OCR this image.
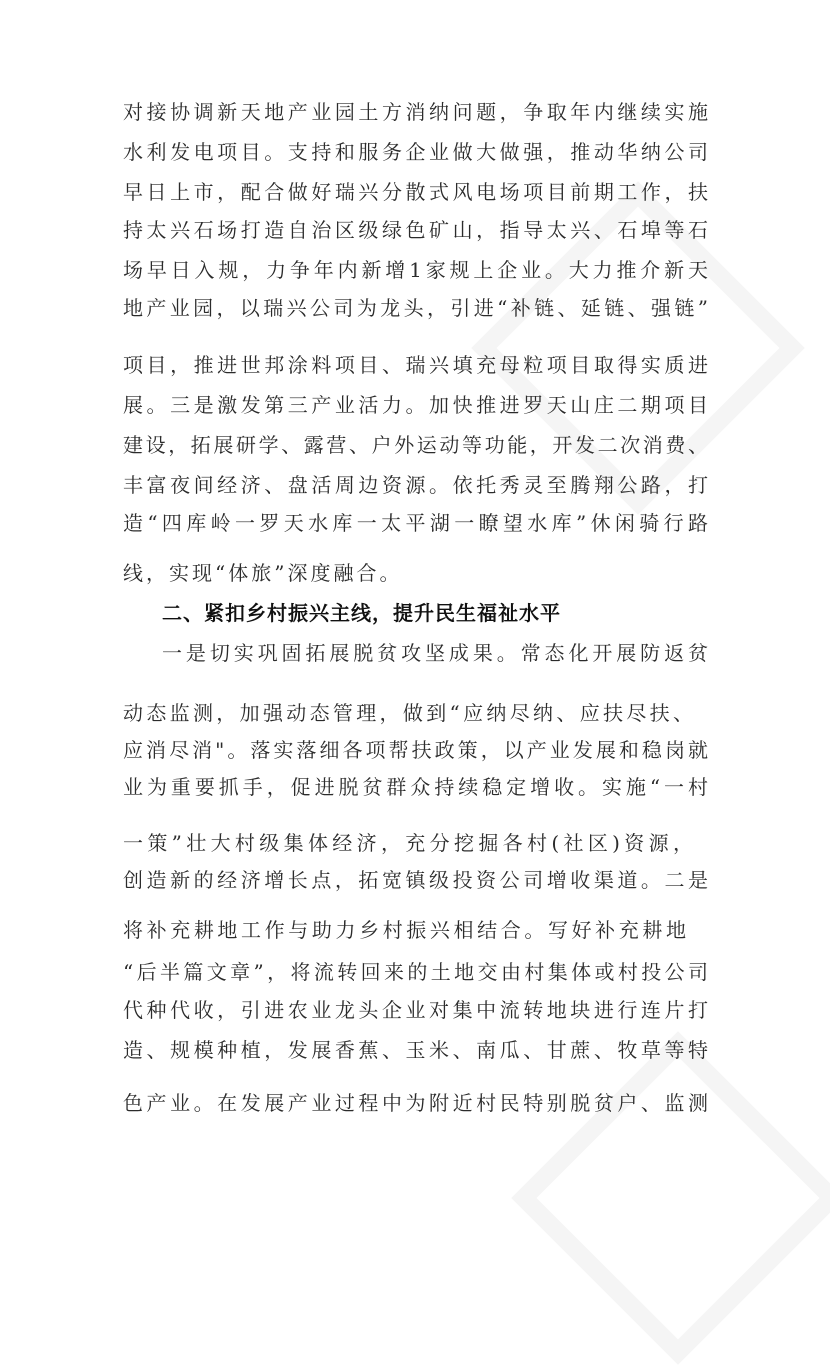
对接协调新天地产业园土方消纳问题，争取年内继续实施
水利发电项目。支持和服务企业做大做强，推动华纳公司
早日上市，配合做好瑞兴分散式风电场项目前期工作，扶
持太兴石场打造自治区级绿色矿山，指导太兴、石埠等石
场早日入规，力争年内新增1家规上企业。大力推介新天
地产业园，以瑞兴公司为龙头，引进“补链、延链、强链”
项目，推进世邦涂料项目、瑞兴填充母粒项目取得实质进
展。三是激发第三产业活力。加快推进罗天山庄二期项目
建设，拓展研学、露营、户外运动等功能，开发二次消费、
丰富夜间经济、盘活周边资源。依托秀灵至腾翔公路，打
造“四库岭一罗天水库一太平湖一瞭望水库”休闲骑行路
线，实现“体旅”深度融合。
二、紧扣乡村振兴主线，提升民生福祉水平
一是切实巩固拓展脱贫攻坚成果。常态化开展防返贫
动态监测，加强动态管理，做到“应纳尽纳、应扶尽扶、
应消尽消"。落实落细各项帮扶政策，以产业发展和稳岗就
业为重要抓手，促进脱贫群众持续稳定增收。实施“一村
一策”壮大村级集体经济，充分挖掘各村(社区)资源，
创造新的经济增长点，拓宽镇级投资公司增收渠道。二是
将补充耕地工作与助力乡村振兴相结合。写好补充耕地
“后半篇文章”，将流转回来的土地交由村集体或村投公司
代种代收，引进农业龙头企业对集中流转地块进行连片打
造、规模种植，发展香蕉、玉米、南瓜、甘蔗、牧草等特
色产业。在发展产业过程中为附近村民特别脱贫户、监测
